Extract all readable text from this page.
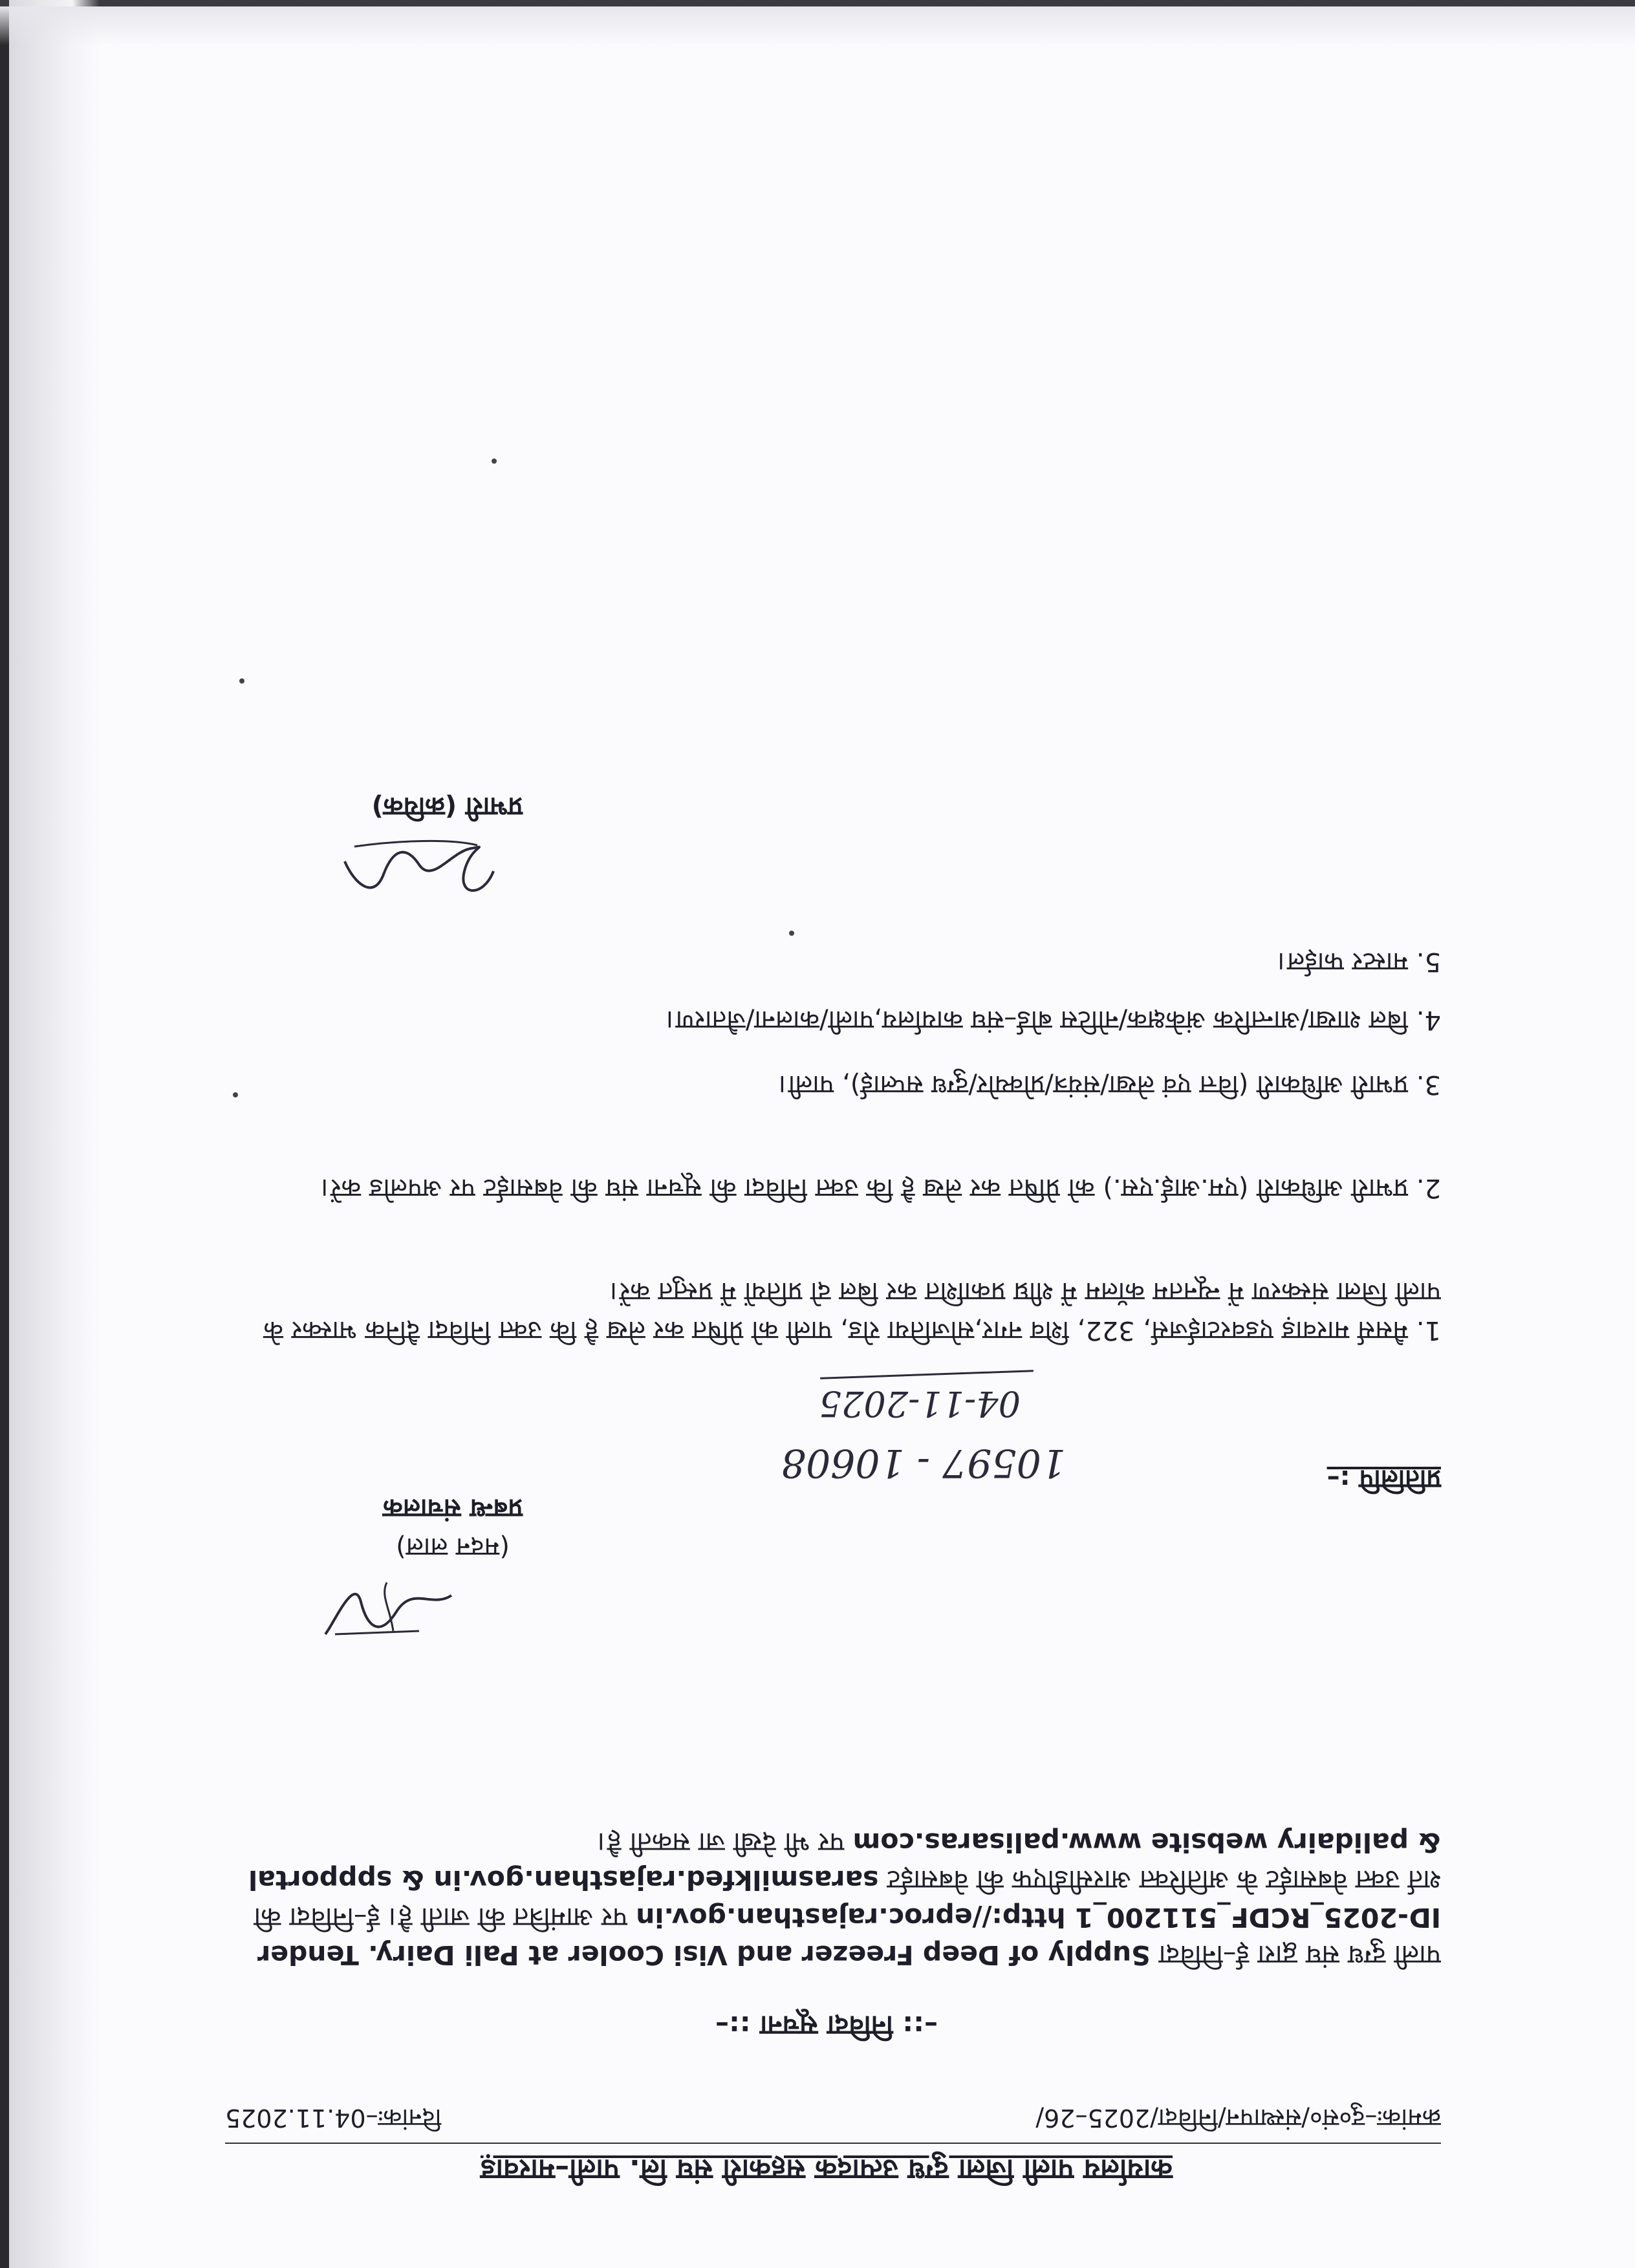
कार्यालय पाली जिला दुग्ध उत्पादक सहकारी संघ लि. पाली–मारवाड़
क्रमांकः–दु०सं०/संस्थापन/निविदा/2025–26/
दिनांकः–04.11.2025
–:: निविदा सूचना ::–
पाली दुग्ध संघ द्वारा ई–निविदा Supply of Deep Freezer and Visi Cooler at Pali Dairy. Tender ID-2025_RCDF_511200_1 http://eproc.rajasthan.gov.in पर आमंत्रित की जाती है। ई–निविदा की शर्त उक्त वेबसाईट के अतिरिक्त आरसीडीएफ की वेबसाईट sarasmilkfed.rajasthan.gov.in & sppportal & palidairy website www.palisaras.com पर भी देखी जा सकती है।
(मदन लाल)
प्रबन्ध संचालक
प्रतिलिपि :–
10597 - 10608
04-11-2025
1. मैसर्स मारवाड़ एडवरटाईजर्स, 322, शिव नगर,सोजतिया रोड, पाली को प्रेषित कर लेख है कि उक्त निविदा दैनिक भास्कर के पाली जिला संस्करण में न्यूनतम कॉलम में शीघ्र प्रकाशित कर बिल दो प्रतियों में प्रस्तुत करें।
2. प्रभारी अधिकारी (एम.आई.एस.) को प्रेषित कर लेख है कि उक्त निविदा की सूचना संघ की वेबसाईट पर अपलोड करें।
3. प्रभारी अधिकारी (वित्त एवं लेखा/संयंत्र/प्रोक्योर/दुग्ध सप्लाई), पाली।
4. बिल शाखा/आन्तरिक अंकेक्षक/नोटिस बोर्ड–संघ कार्यालय,पाली/कालना/जैतारण।
5. मास्टर फाईल।
प्रभारी (क्रयिक)
